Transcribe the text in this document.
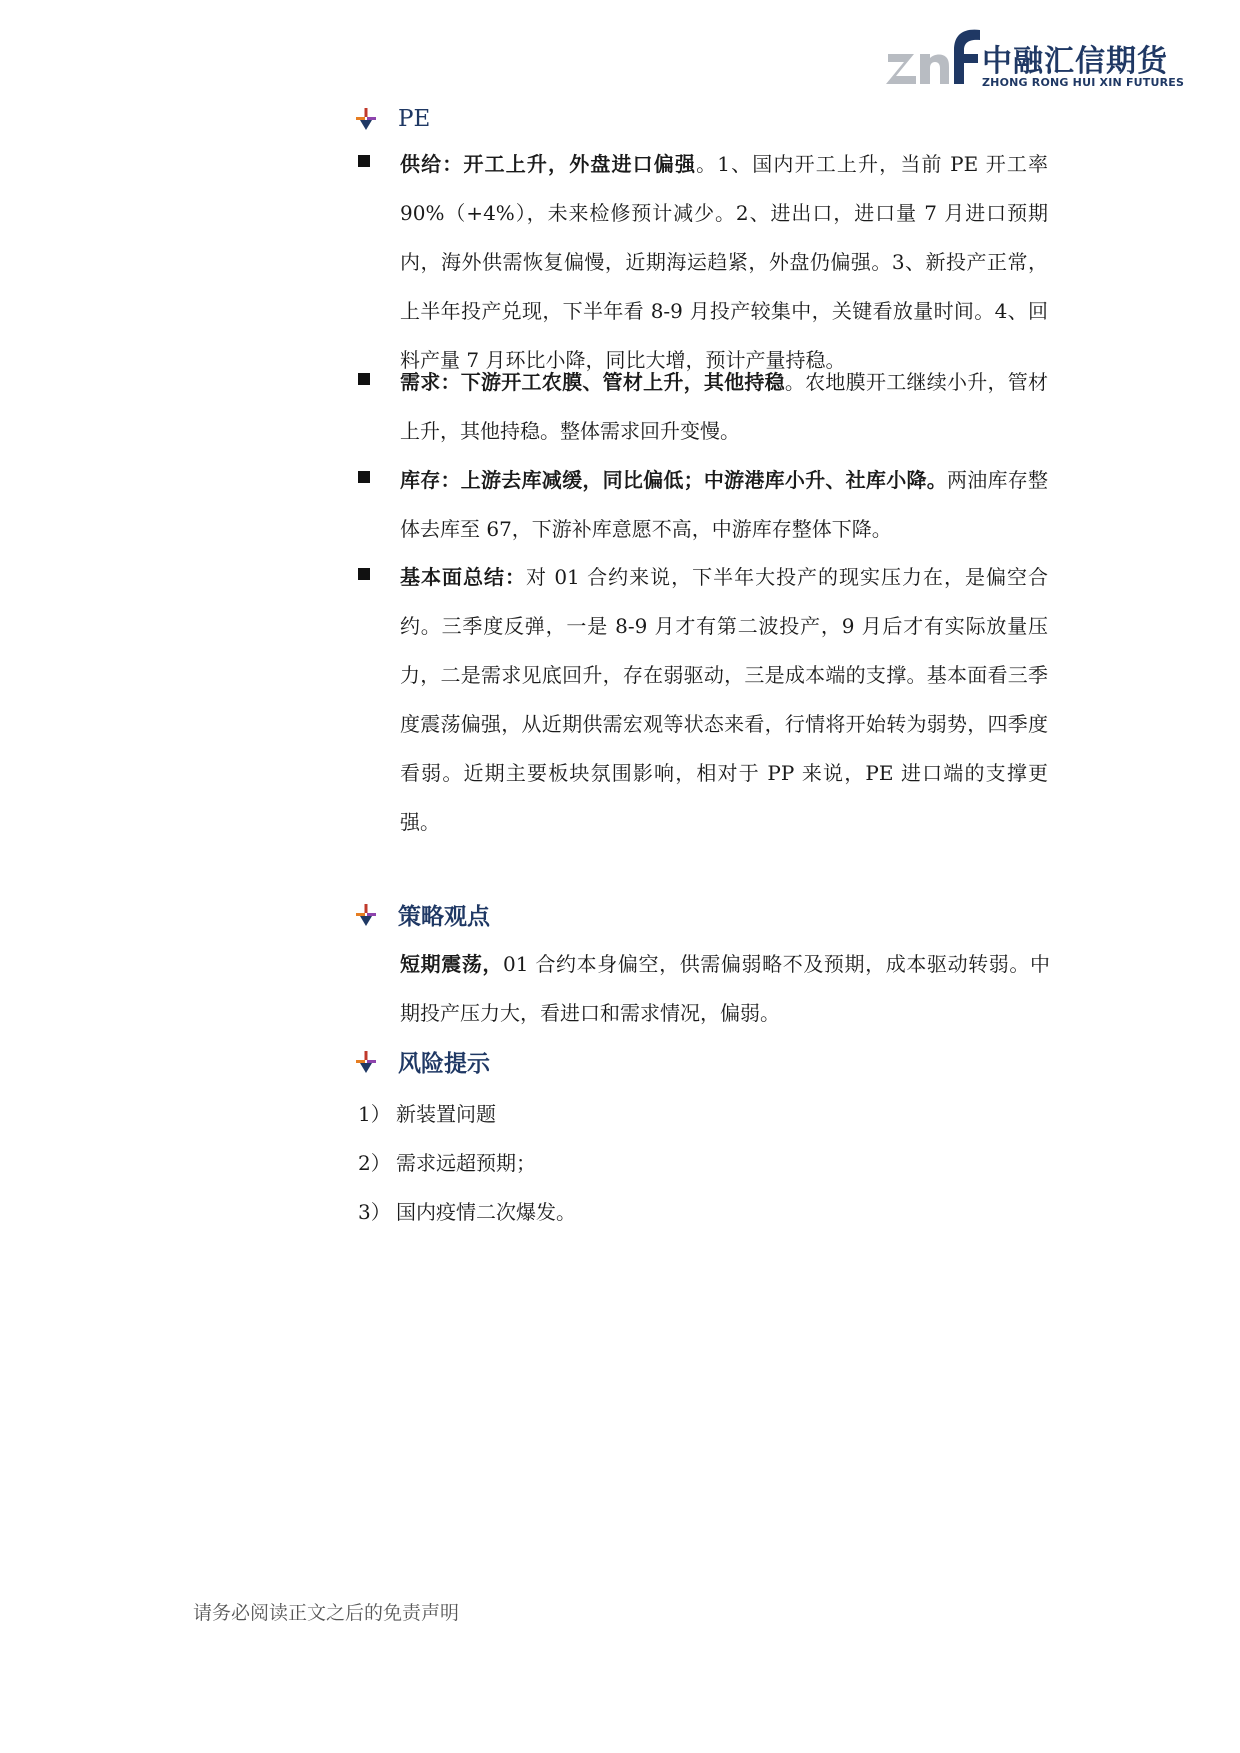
中融汇信期货
ZHONG RONG HUI XIN FUTURES
PE
供给：开工上升，外盘进口偏强。1、国内开工上升，当前 PE 开工率 90%（+4%），未来检修预计减少。2、进出口，进口量 7 月进口预期内，海外供需恢复偏慢，近期海运趋紧，外盘仍偏强。3、新投产正常，上半年投产兑现，下半年看 8-9 月投产较集中，关键看放量时间。4、回料产量 7 月环比小降，同比大增，预计产量持稳。
需求：下游开工农膜、管材上升，其他持稳。农地膜开工继续小升，管材上升，其他持稳。整体需求回升变慢。
库存：上游去库减缓，同比偏低；中游港库小升、社库小降。两油库存整体去库至 67，下游补库意愿不高，中游库存整体下降。
基本面总结：对 01 合约来说，下半年大投产的现实压力在，是偏空合约。三季度反弹，一是 8-9 月才有第二波投产，9 月后才有实际放量压力，二是需求见底回升，存在弱驱动，三是成本端的支撑。基本面看三季度震荡偏强，从近期供需宏观等状态来看，行情将开始转为弱势，四季度看弱。近期主要板块氛围影响，相对于 PP 来说，PE 进口端的支撑更强。
策略观点
短期震荡，01 合约本身偏空，供需偏弱略不及预期，成本驱动转弱。中期投产压力大，看进口和需求情况，偏弱。
风险提示
1） 新装置问题
2） 需求远超预期；
3） 国内疫情二次爆发。
请务必阅读正文之后的免责声明
